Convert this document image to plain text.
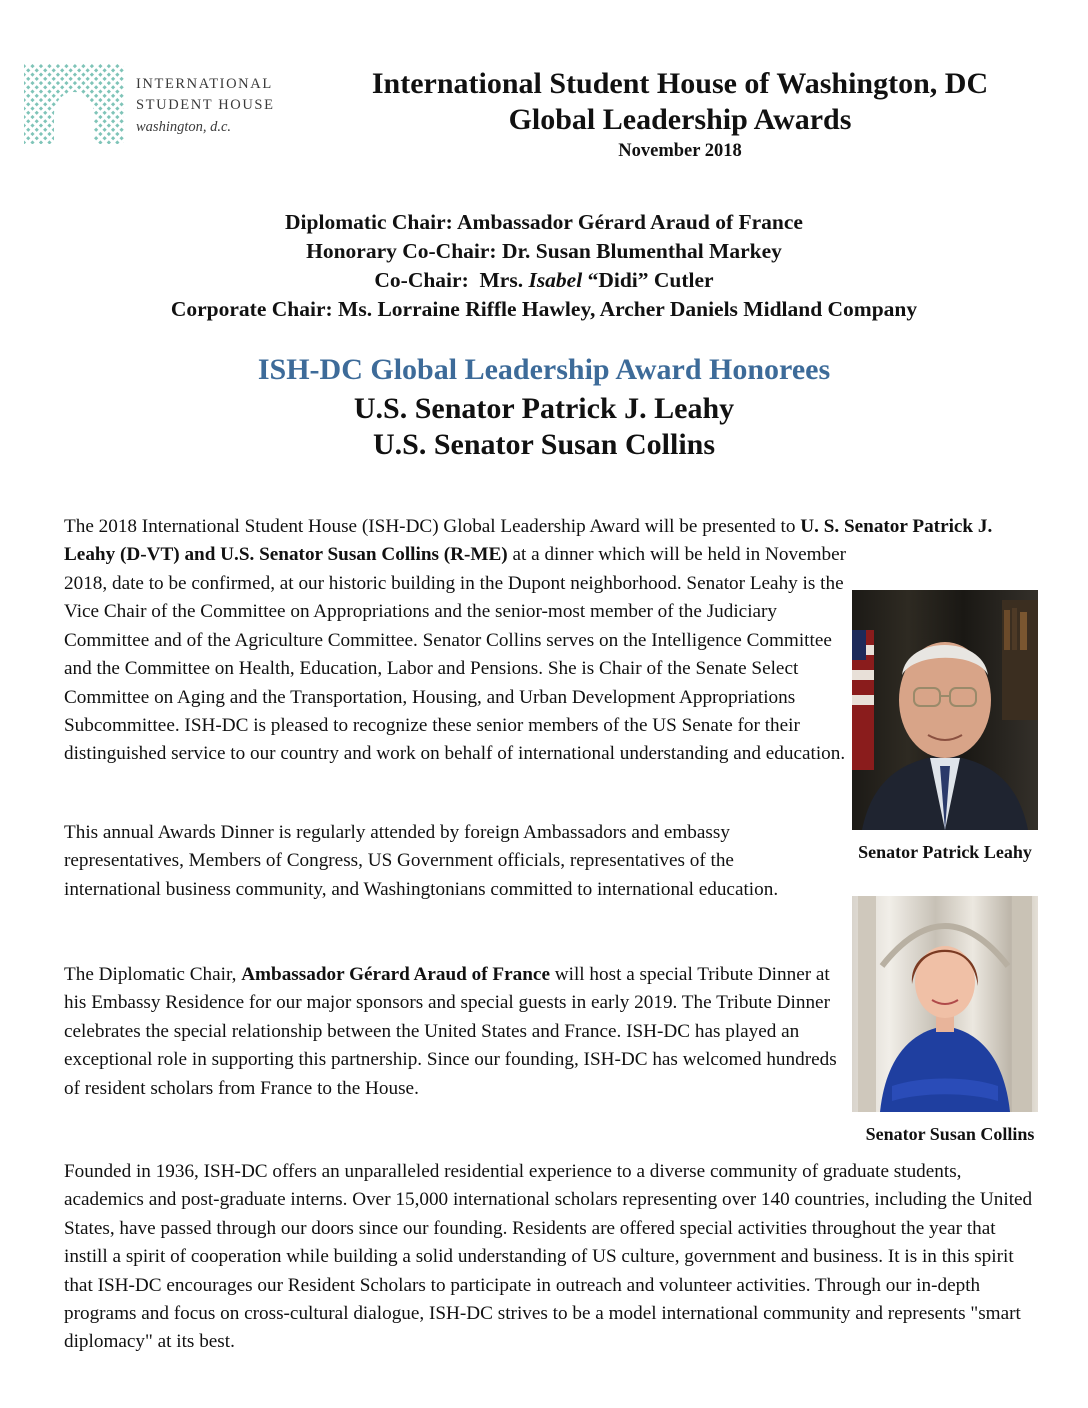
INTERNATIONAL
STUDENT HOUSE
washington, d.c.
International Student House of Washington, DC
Global Leadership Awards
November 2018
Diplomatic Chair: Ambassador Gérard Araud of France
Honorary Co-Chair: Dr. Susan Blumenthal Markey
Co-Chair:  Mrs. Isabel “Didi” Cutler
Corporate Chair: Ms. Lorraine Riffle Hawley, Archer Daniels Midland Company
ISH-DC Global Leadership Award Honorees
U.S. Senator Patrick J. Leahy
U.S. Senator Susan Collins
The 2018 International Student House (ISH-DC) Global Leadership Award will be presented to U. S. Senator Patrick J. Leahy (D-VT) and U.S. Senator Susan Collins (R-ME) at a dinner which will be held in November
2018, date to be confirmed, at our historic building in the Dupont neighborhood. Senator Leahy is the Vice Chair of the Committee on Appropriations and the senior-most member of the Judiciary Committee and of the Agriculture Committee. Senator Collins serves on the Intelligence Committee and the Committee on Health, Education, Labor and Pensions. She is Chair of the Senate Select Committee on Aging and the Transportation, Housing, and Urban Development Appropriations Subcommittee. ISH-DC is pleased to recognize these senior members of the US Senate for their distinguished service to our country and work on behalf of international understanding and education.
This annual Awards Dinner is regularly attended by foreign Ambassadors and embassy representatives, Members of Congress, US Government officials, representatives of the international business community, and Washingtonians committed to international education.
The Diplomatic Chair, Ambassador Gérard Araud of France will host a special Tribute Dinner at his Embassy Residence for our major sponsors and special guests in early 2019. The Tribute Dinner celebrates the special relationship between the United States and France. ISH-DC has played an exceptional role in supporting this partnership. Since our founding, ISH-DC has welcomed hundreds of resident scholars from France to the House.
Founded in 1936, ISH-DC offers an unparalleled residential experience to a diverse community of graduate students, academics and post-graduate interns. Over 15,000 international scholars representing over 140 countries, including the United States, have passed through our doors since our founding. Residents are offered special activities throughout the year that instill a spirit of cooperation while building a solid understanding of US culture, government and business. It is in this spirit that ISH-DC encourages our Resident Scholars to participate in outreach and volunteer activities. Through our in-depth programs and focus on cross-cultural dialogue, ISH-DC strives to be a model international community and represents "smart diplomacy" at its best.
Senator Patrick Leahy
Senator Susan Collins
